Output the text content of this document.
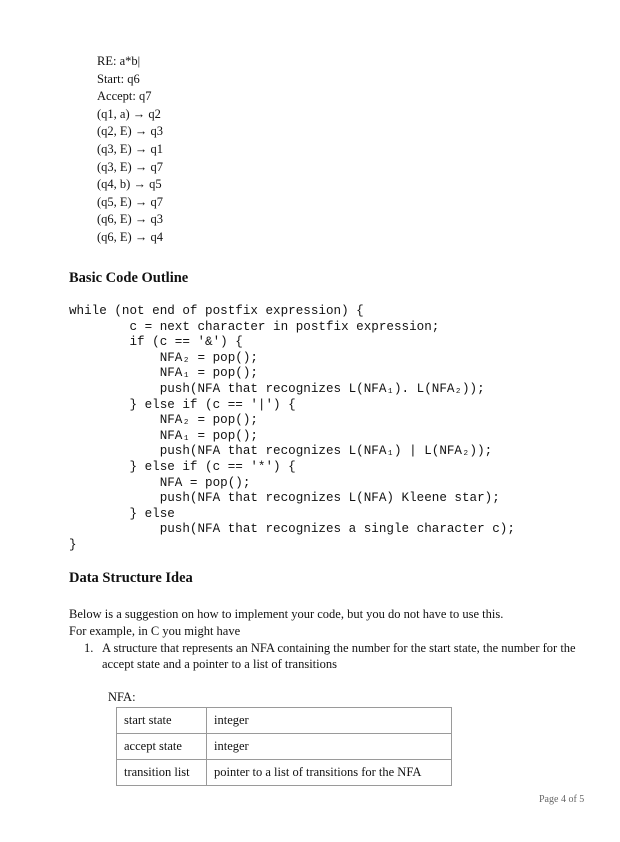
RE: a*b|
Start: q6
Accept: q7
(q1, a) → q2
(q2, E) → q3
(q3, E) → q1
(q3, E) → q7
(q4, b) → q5
(q5, E) → q7
(q6, E) → q3
(q6, E) → q4
Basic Code Outline
while (not end of postfix expression) {
c = next character in postfix expression;
if (c == '&') {
NFA₂ = pop();
NFA₁ = pop();
push(NFA that recognizes L(NFA₁). L(NFA₂));
} else if (c == '|') {
NFA₂ = pop();
NFA₁ = pop();
push(NFA that recognizes L(NFA₁) | L(NFA₂));
} else if (c == '*') {
NFA = pop();
push(NFA that recognizes L(NFA) Kleene star);
} else
push(NFA that recognizes a single character c);
}
Data Structure Idea
Below is a suggestion on how to implement your code, but you do not have to use this.
For example, in C you might have
1. A structure that represents an NFA containing the number for the start state, the number for the accept state and a pointer to a list of transitions
NFA:
start state	integer
accept state	integer
transition list	pointer to a list of transitions for the NFA
Page 4 of 5
